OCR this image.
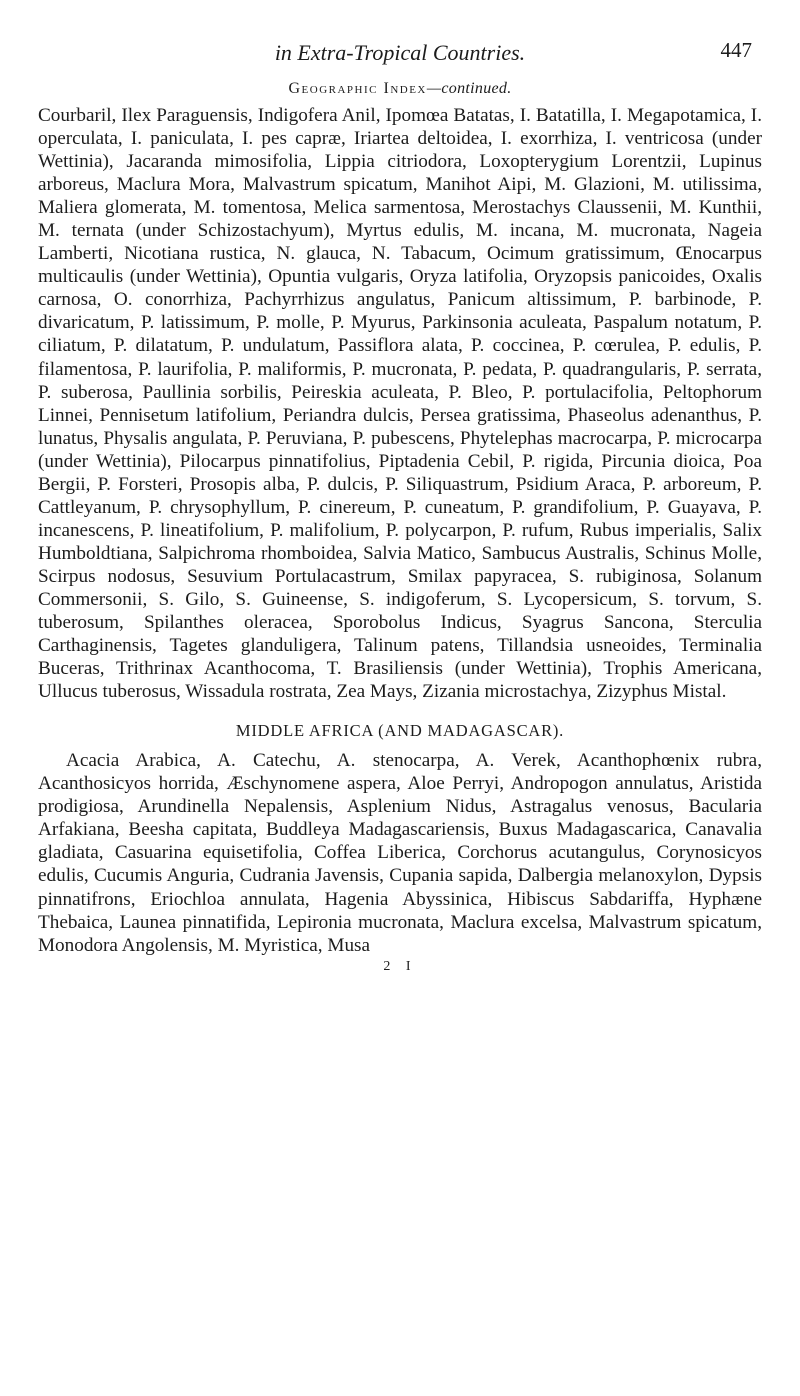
in Extra-Tropical Countries.	447
Geographic Index—continued.

Courbaril, Ilex Paraguensis, Indigofera Anil, Ipomœa Batatas, I. Batatilla, I. Megapotamica, I. operculata, I. paniculata, I. pes capræ, Iriartea deltoidea, I. exorrhiza, I. ventricosa (under Wettinia), Jacaranda mimosifolia, Lippia citriodora, Loxopterygium Lorentzii, Lupinus arboreus, Maclura Mora, Malvastrum spicatum, Manihot Aipi, M. Glazioni, M. utilissima, Maliera glomerata, M. tomentosa, Melica sarmentosa, Merostachys Claussenii, M. Kunthii, M. ternata (under Schizostachyum), Myrtus edulis, M. incana, M. mucronata, Nageia Lamberti, Nicotiana rustica, N. glauca, N. Tabacum, Ocimum gratissimum, Œnocarpus multicaulis (under Wettinia), Opuntia vulgaris, Oryza latifolia, Oryzopsis panicoides, Oxalis carnosa, O. conorrhiza, Pachyrrhizus angulatus, Panicum altissimum, P. barbinode, P. divaricatum, P. latissimum, P. molle, P. Myurus, Parkinsonia aculeata, Paspalum notatum, P. ciliatum, P. dilatatum, P. undulatum, Passiflora alata, P. coccinea, P. cœrulea, P. edulis, P. filamentosa, P. laurifolia, P. maliformis, P. mucronata, P. pedata, P. quadrangularis, P. serrata, P. suberosa, Paullinia sorbilis, Peireskia aculeata, P. Bleo, P. portulacifolia, Peltophorum Linnei, Pennisetum latifolium, Periandra dulcis, Persea gratissima, Phaseolus adenanthus, P. lunatus, Physalis angulata, P. Peruviana, P. pubescens, Phytelephas macrocarpa, P. microcarpa (under Wettinia), Pilocarpus pinnatifolius, Piptadenia Cebil, P. rigida, Pircunia dioica, Poa Bergii, P. Forsteri, Prosopis alba, P. dulcis, P. Siliquastrum, Psidium Araca, P. arboreum, P. Cattleyanum, P. chrysophyllum, P. cinereum, P. cuneatum, P. grandifolium, P. Guayava, P. incanescens, P. lineatifolium, P. malifolium, P. polycarpon, P. rufum, Rubus imperialis, Salix Humboldtiana, Salpichroma rhomboidea, Salvia Matico, Sambucus Australis, Schinus Molle, Scirpus nodosus, Sesuvium Portulacastrum, Smilax papyracea, S. rubiginosa, Solanum Commersonii, S. Gilo, S. Guineense, S. indigoferum, S. Lycopersicum, S. torvum, S. tuberosum, Spilanthes oleracea, Sporobolus Indicus, Syagrus Sancona, Sterculia Carthaginensis, Tagetes glanduligera, Talinum patens, Tillandsia usneoides, Terminalia Buceras, Trithrinax Acanthocoma, T. Brasiliensis (under Wettinia), Trophis Americana, Ullucus tuberosus, Wissadula rostrata, Zea Mays, Zizania microstachya, Zizyphus Mistal.

MIDDLE AFRICA (AND MADAGASCAR).

Acacia Arabica, A. Catechu, A. stenocarpa, A. Verek, Acanthophœnix rubra, Acanthosicyos horrida, Æschynomene aspera, Aloe Perryi, Andropogon annulatus, Aristida prodigiosa, Arundinella Nepalensis, Asplenium Nidus, Astragalus venosus, Bacularia Arfakiana, Beesha capitata, Buddleya Madagascariensis, Buxus Madagascarica, Canavalia gladiata, Casuarina equisetifolia, Coffea Liberica, Corchorus acutangulus, Corynosicyos edulis, Cucumis Anguria, Cudrania Javensis, Cupania sapida, Dalbergia melanoxylon, Dypsis pinnatifrons, Eriochloa annulata, Hagenia Abyssinica, Hibiscus Sabdariffa, Hyphæne Thebaica, Launea pinnatifida, Lepironia mucronata, Maclura excelsa, Malvastrum spicatum, Monodora Angolensis, M. Myristica, Musa

2 I
